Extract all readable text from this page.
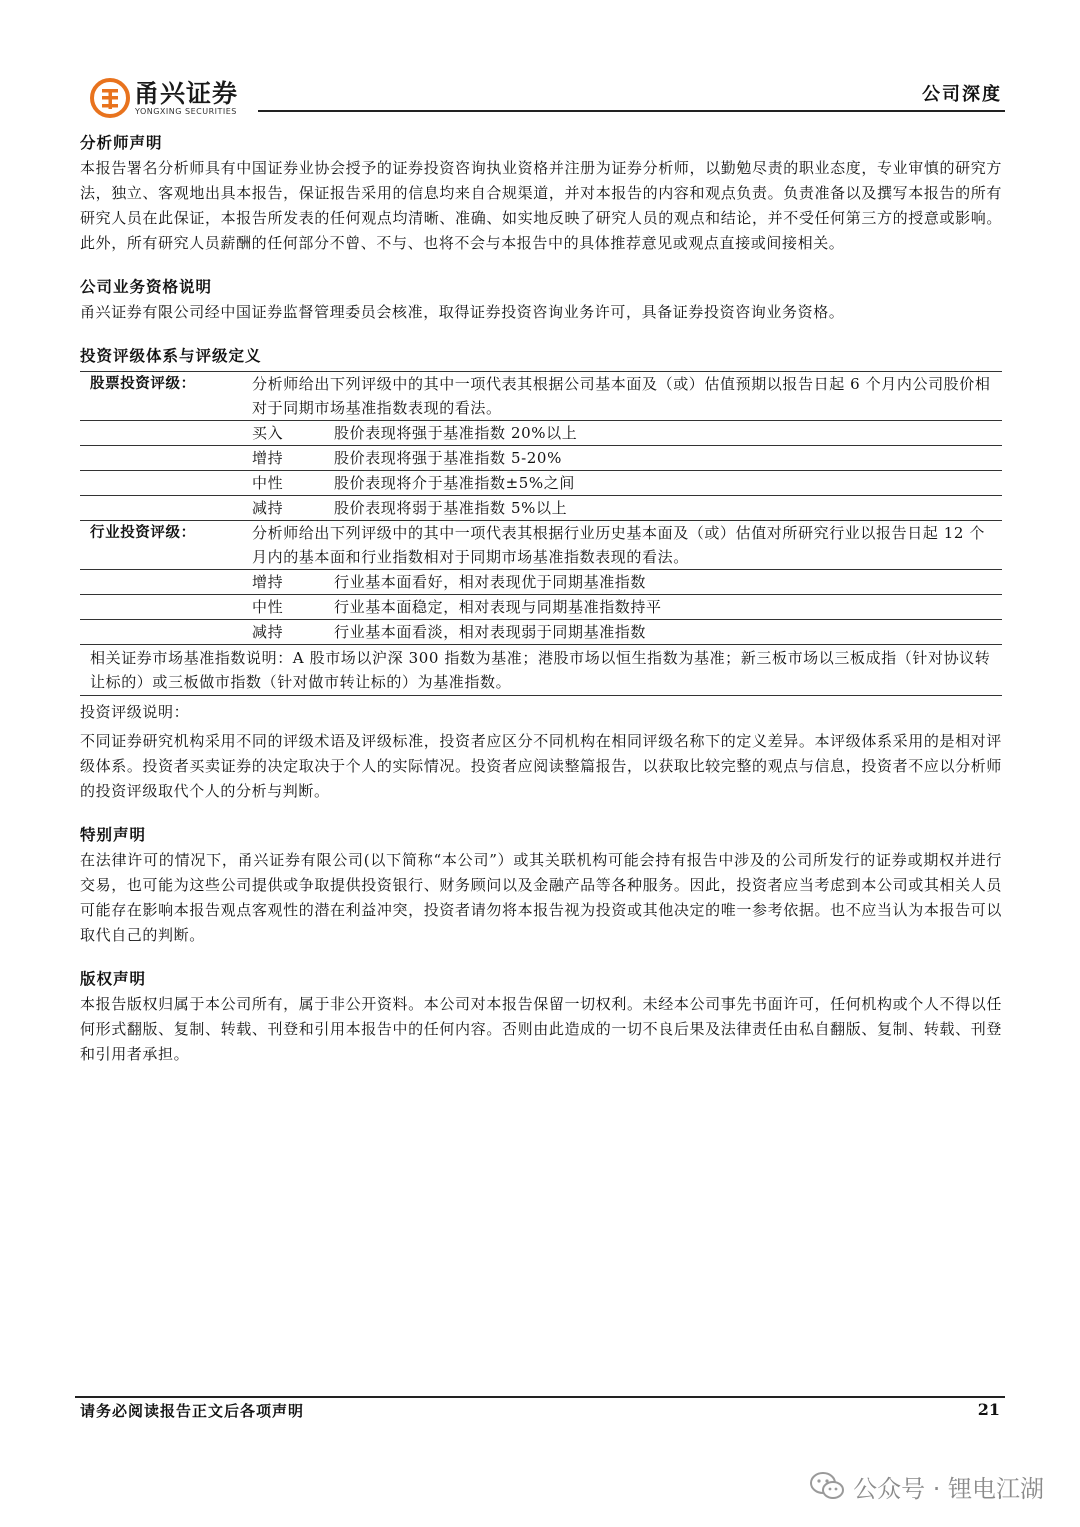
甬兴证券
YONGXING SECURITIES
公司深度

分析师声明

本报告署名分析师具有中国证券业协会授予的证券投资咨询执业资格并注册为证券分析师，以勤勉尽责的职业态度，专业审慎的研究方法，独立、客观地出具本报告，保证报告采用的信息均来自合规渠道，并对本报告的内容和观点负责。负责准备以及撰写本报告的所有研究人员在此保证，本报告所发表的任何观点均清晰、准确、如实地反映了研究人员的观点和结论，并不受任何第三方的授意或影响。此外，所有研究人员薪酬的任何部分不曾、不与、也将不会与本报告中的具体推荐意见或观点直接或间接相关。

公司业务资格说明

甬兴证券有限公司经中国证券监督管理委员会核准，取得证券投资咨询业务许可，具备证券投资咨询业务资格。

投资评级体系与评级定义

股票投资评级：	分析师给出下列评级中的其中一项代表其根据公司基本面及（或）估值预期以报告日起 6 个月内公司股价相对于同期市场基准指数表现的看法。	
	买入	股价表现将强于基准指数 20%以上
	增持	股价表现将强于基准指数 5-20%
	中性	股价表现将介于基准指数±5%之间
	减持	股价表现将弱于基准指数 5%以上
行业投资评级：	分析师给出下列评级中的其中一项代表其根据行业历史基本面及（或）估值对所研究行业以报告日起 12 个月内的基本面和行业指数相对于同期市场基准指数表现的看法。	
	增持	行业基本面看好，相对表现优于同期基准指数
	中性	行业基本面稳定，相对表现与同期基准指数持平
	减持	行业基本面看淡，相对表现弱于同期基准指数
相关证券市场基准指数说明：A 股市场以沪深 300 指数为基准；港股市场以恒生指数为基准；新三板市场以三板成指（针对协议转让标的）或三板做市指数（针对做市转让标的）为基准指数。		

投资评级说明：

不同证券研究机构采用不同的评级术语及评级标准，投资者应区分不同机构在相同评级名称下的定义差异。本评级体系采用的是相对评级体系。投资者买卖证券的决定取决于个人的实际情况。投资者应阅读整篇报告，以获取比较完整的观点与信息，投资者不应以分析师的投资评级取代个人的分析与判断。

特别声明

在法律许可的情况下，甬兴证券有限公司(以下简称“本公司”）或其关联机构可能会持有报告中涉及的公司所发行的证券或期权并进行交易，也可能为这些公司提供或争取提供投资银行、财务顾问以及金融产品等各种服务。因此，投资者应当考虑到本公司或其相关人员可能存在影响本报告观点客观性的潜在利益冲突，投资者请勿将本报告视为投资或其他决定的唯一参考依据。也不应当认为本报告可以取代自己的判断。

版权声明

本报告版权归属于本公司所有，属于非公开资料。本公司对本报告保留一切权利。未经本公司事先书面许可，任何机构或个人不得以任何形式翻版、复制、转载、刊登和引用本报告中的任何内容。否则由此造成的一切不良后果及法律责任由私自翻版、复制、转载、刊登和引用者承担。

请务必阅读报告正文后各项声明	21
公众号 · 锂电江湖
